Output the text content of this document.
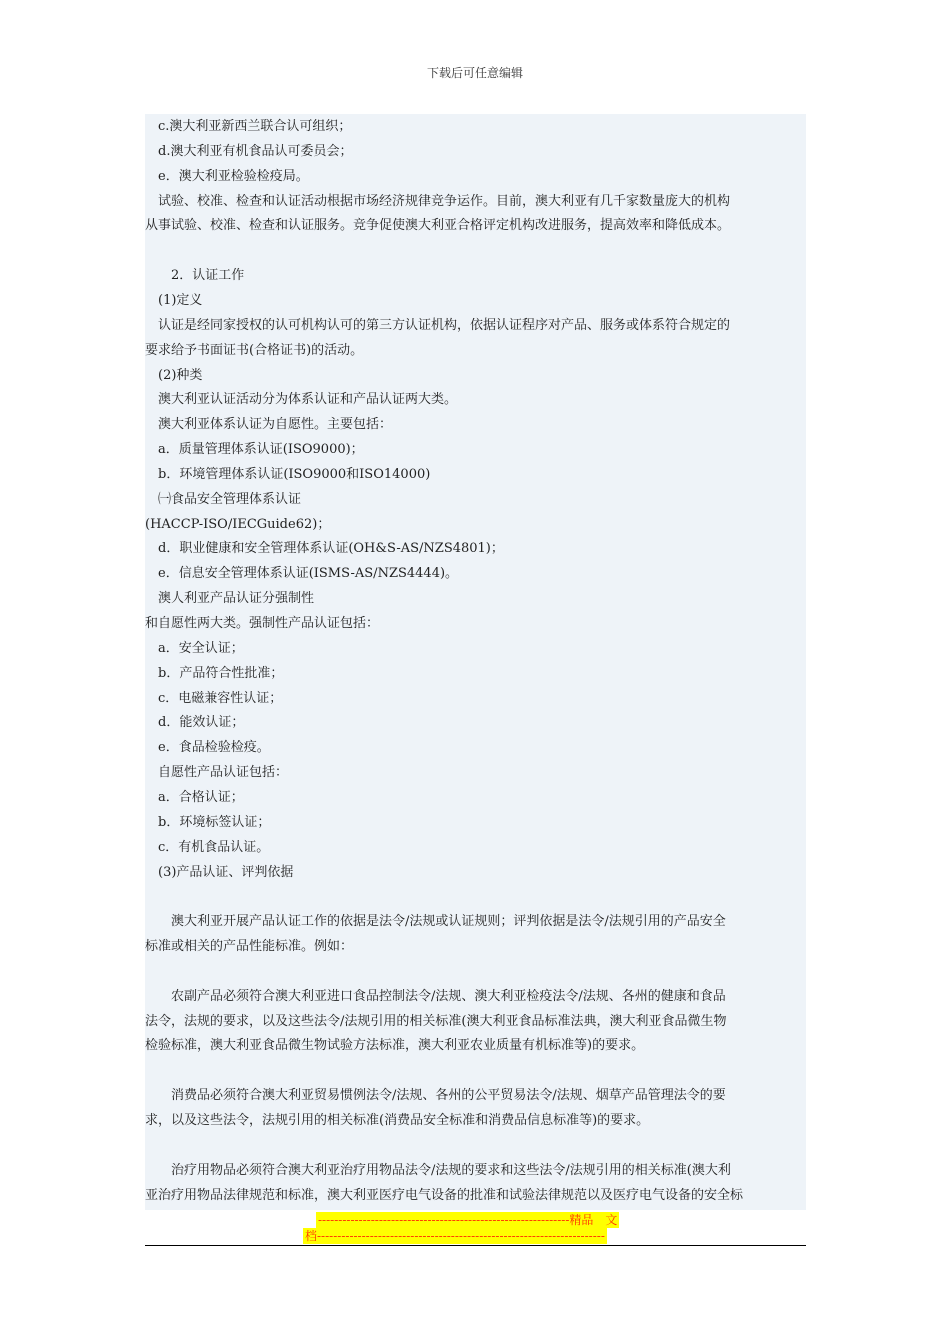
下载后可任意编辑
　c.澳大利亚新西兰联合认可组织；
　d.澳大利亚有机食品认可委员会；
　e．澳大利亚检验检疫局。
　试验、校准、检查和认证活动根据市场经济规律竞争运作。目前，澳大利亚有几千家数量庞大的机构
从事试验、校准、检查和认证服务。竞争促使澳大利亚合格评定机构改进服务，提高效率和降低成本。
　　2．认证工作
　(1)定义
　认证是经同家授权的认可机构认可的第三方认证机构，依据认证程序对产品、服务或体系符合规定的
要求给予书面证书(合格证书)的活动。
　(2)种类
　澳大利亚认证活动分为体系认证和产品认证两大类。
　澳大利亚体系认证为自愿性。主要包括：
　a．质量管理体系认证(ISO9000)；
　b．环境管理体系认证(ISO9000和ISO14000)
　㈠食品安全管理体系认证
(HACCP-ISO/IECGuide62)；
　d．职业健康和安全管理体系认证(OH&S-AS/NZS4801)；
　e．信息安全管理体系认证(ISMS-AS/NZS4444)。
　澳人利亚产品认证分强制性
和自愿性两大类。强制性产品认证包括：
　a．安全认证；
　b．产品符合性批准；
　c．电磁兼容性认证；
　d．能效认证；
　e．食品检验检疫。
　自愿性产品认证包括：
　a．合格认证；
　b．环境标签认证；
　c．有机食品认证。
　(3)产品认证、评判依据
　　澳大利亚开展产品认证工作的依据是法令/法规或认证规则；评判依据是法令/法规引用的产品安全
标准或相关的产品性能标准。例如：
　　农副产品必须符合澳大利亚进口食品控制法令/法规、澳大利亚检疫法令/法规、各州的健康和食品
法令，法规的要求，以及这些法令/法规引用的相关标准(澳大利亚食品标准法典，澳大利亚食品微生物
检验标准，澳大利亚食品微生物试验方法标准，澳大利亚农业质量有机标准等)的要求。
　　消费品必须符合澳大利亚贸易惯例法令/法规、各州的公平贸易法令/法规、烟草产品管理法令的要
求，以及这些法令，法规引用的相关标准(消费品安全标准和消费品信息标准等)的要求。
　　治疗用物品必须符合澳大利亚治疗用物品法令/法规的要求和这些法令/法规引用的相关标准(澳大利
亚治疗用物品法律规范和标准，澳大利亚医疗电气设备的批准和试验法律规范以及医疗电气设备的安全标
--------------------------------------------------------------精品　文
档-----------------------------------------------------------------------
